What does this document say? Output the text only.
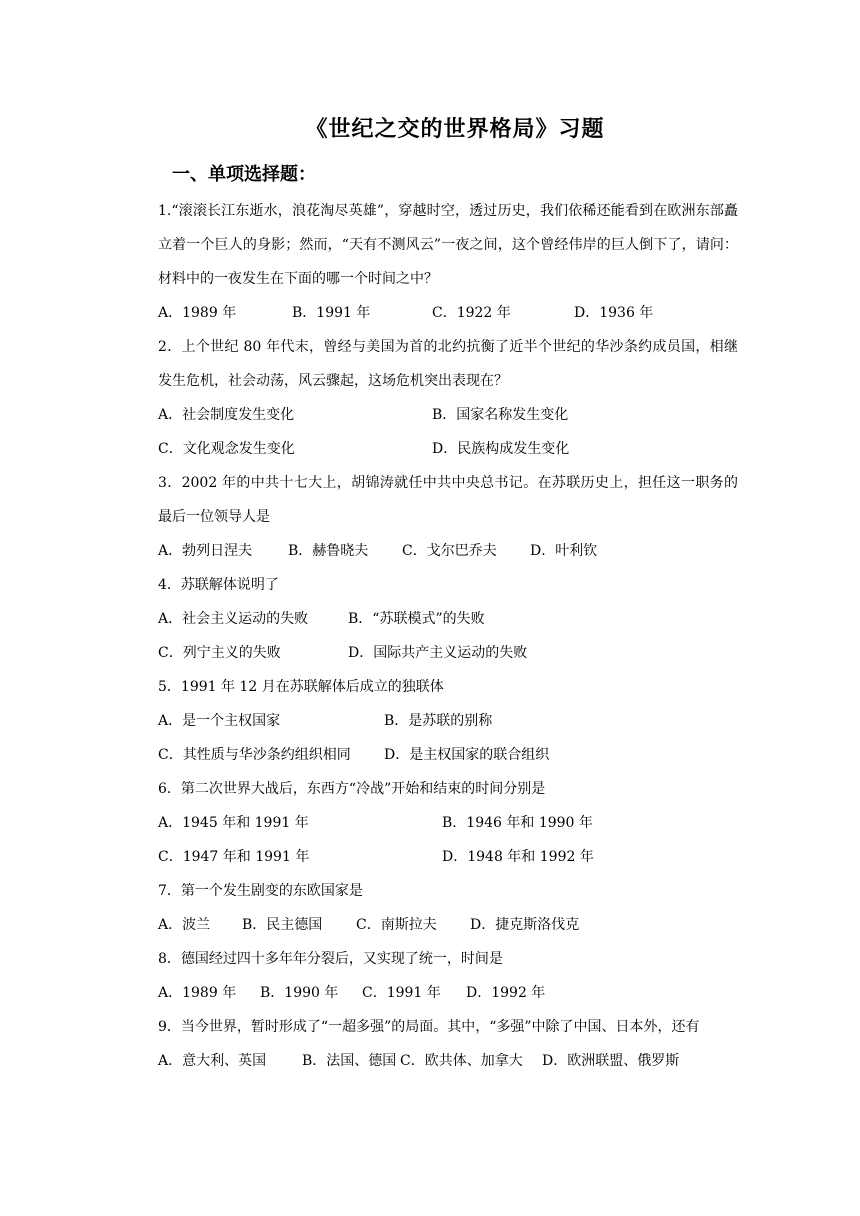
《世纪之交的世界格局》习题
一、单项选择题：

1.“滚滚长江东逝水，浪花淘尽英雄”，穿越时空，透过历史，我们依稀还能看到在欧洲东部矗立着一个巨人的身影；然而，“天有不测风云”一夜之间，这个曾经伟岸的巨人倒下了，请问：材料中的一夜发生在下面的哪一个时间之中？

A．1989 年	B．1991 年	C．1922 年	D．1936 年

2．上个世纪 80 年代末，曾经与美国为首的北约抗衡了近半个世纪的华沙条约成员国，相继发生危机，社会动荡，风云骤起，这场危机突出表现在？

A．社会制度发生变化	B．国家名称发生变化
C．文化观念发生变化	D．民族构成发生变化

3．2002 年的中共十七大上，胡锦涛就任中共中央总书记。在苏联历史上，担任这一职务的最后一位领导人是

A．勃列日涅夫	B．赫鲁晓夫	C．戈尔巴乔夫	D．叶利钦

4．苏联解体说明了

A．社会主义运动的失败	B．“苏联模式”的失败
C．列宁主义的失败	D．国际共产主义运动的失败

5．1991 年 12 月在苏联解体后成立的独联体

A．是一个主权国家	B．是苏联的别称
C．其性质与华沙条约组织相同	D．是主权国家的联合组织

6．第二次世界大战后，东西方“冷战”开始和结束的时间分别是

A．1945 年和 1991 年	B．1946 年和 1990 年
C．1947 年和 1991 年	D．1948 年和 1992 年

7．第一个发生剧变的东欧国家是

A．波兰	B．民主德国	C．南斯拉夫	D．捷克斯洛伐克

8．德国经过四十多年年分裂后，又实现了统一，时间是

A．1989 年	B．1990 年	C．1991 年	D．1992 年

9．当今世界，暂时形成了“一超多强”的局面。其中，“多强”中除了中国、日本外，还有

A．意大利、英国	B．法国、德国 C．欧共体、加拿大	D．欧洲联盟、俄罗斯
